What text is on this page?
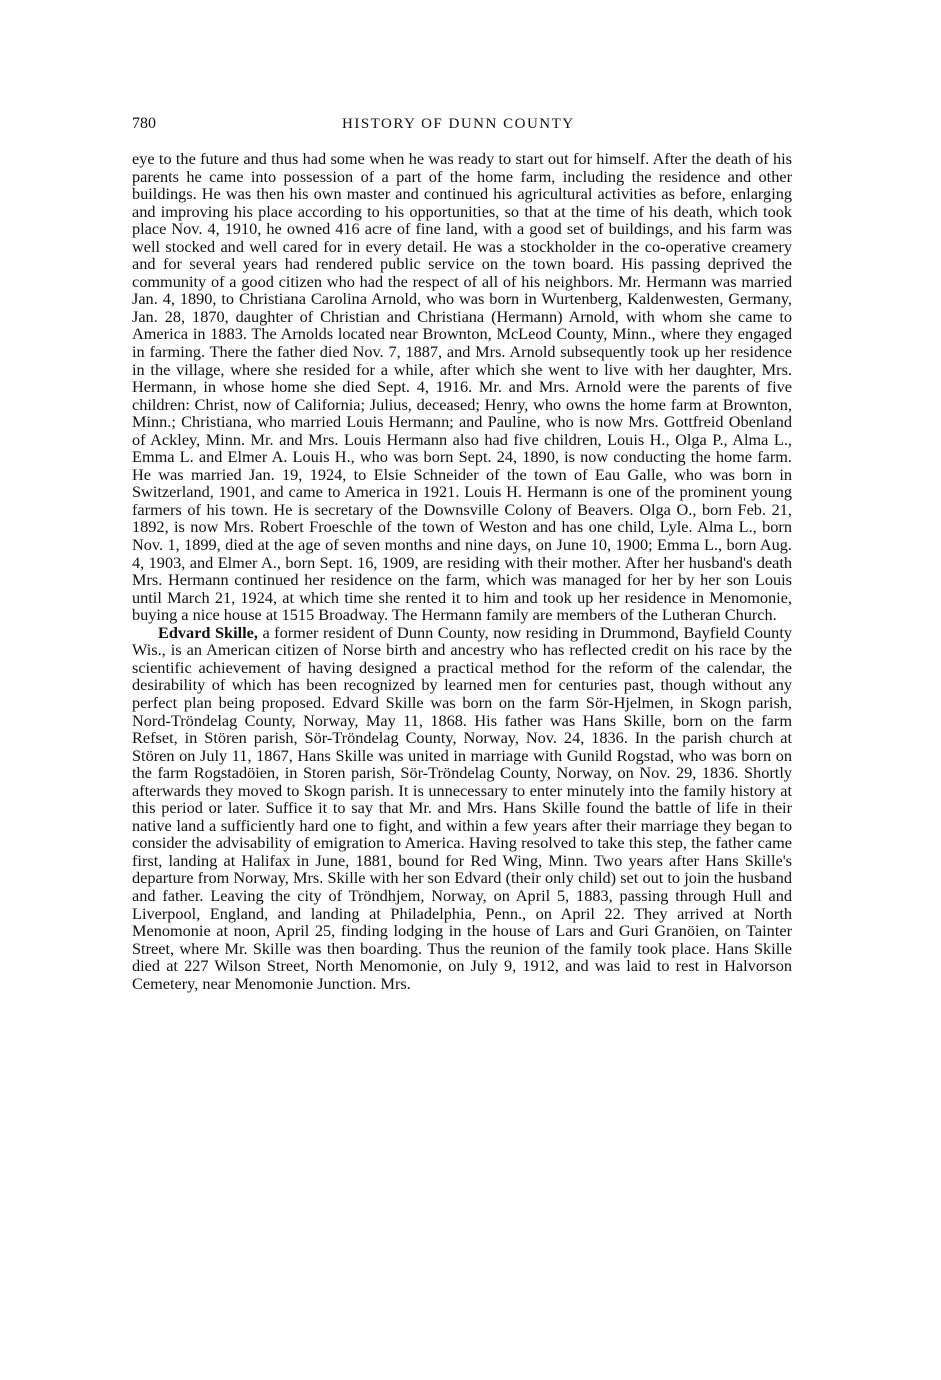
780	HISTORY OF DUNN COUNTY

eye to the future and thus had some when he was ready to start out for himself. After the death of his parents he came into possession of a part of the home farm, including the residence and other buildings. He was then his own master and continued his agricultural activities as before, enlarging and improving his place according to his opportunities, so that at the time of his death, which took place Nov. 4, 1910, he owned 416 acre of fine land, with a good set of buildings, and his farm was well stocked and well cared for in every detail. He was a stockholder in the co-operative creamery and for several years had rendered public service on the town board. His passing deprived the community of a good citizen who had the respect of all of his neighbors. Mr. Hermann was married Jan. 4, 1890, to Christiana Carolina Arnold, who was born in Wurtenberg, Kaldenwesten, Germany, Jan. 28, 1870, daughter of Christian and Christiana (Hermann) Arnold, with whom she came to America in 1883. The Arnolds located near Brownton, McLeod County, Minn., where they engaged in farming. There the father died Nov. 7, 1887, and Mrs. Arnold subsequently took up her residence in the village, where she resided for a while, after which she went to live with her daughter, Mrs. Hermann, in whose home she died Sept. 4, 1916. Mr. and Mrs. Arnold were the parents of five children: Christ, now of California; Julius, deceased; Henry, who owns the home farm at Brownton, Minn.; Christiana, who married Louis Hermann; and Pauline, who is now Mrs. Gottfreid Obenland of Ackley, Minn. Mr. and Mrs. Louis Hermann also had five children, Louis H., Olga P., Alma L., Emma L. and Elmer A. Louis H., who was born Sept. 24, 1890, is now conducting the home farm. He was married Jan. 19, 1924, to Elsie Schneider of the town of Eau Galle, who was born in Switzerland, 1901, and came to America in 1921. Louis H. Hermann is one of the prominent young farmers of his town. He is secretary of the Downsville Colony of Beavers. Olga O., born Feb. 21, 1892, is now Mrs. Robert Froeschle of the town of Weston and has one child, Lyle. Alma L., born Nov. 1, 1899, died at the age of seven months and nine days, on June 10, 1900; Emma L., born Aug. 4, 1903, and Elmer A., born Sept. 16, 1909, are residing with their mother. After her husband's death Mrs. Hermann continued her residence on the farm, which was managed for her by her son Louis until March 21, 1924, at which time she rented it to him and took up her residence in Menomonie, buying a nice house at 1515 Broadway. The Hermann family are members of the Lutheran Church.

Edvard Skille, a former resident of Dunn County, now residing in Drummond, Bayfield County Wis., is an American citizen of Norse birth and ancestry who has reflected credit on his race by the scientific achievement of having designed a practical method for the reform of the calendar, the desirability of which has been recognized by learned men for centuries past, though without any perfect plan being proposed. Edvard Skille was born on the farm Sör-Hjelmen, in Skogn parish, Nord-Tröndelag County, Norway, May 11, 1868. His father was Hans Skille, born on the farm Refset, in Stören parish, Sör-Tröndelag County, Norway, Nov. 24, 1836. In the parish church at Stören on July 11, 1867, Hans Skille was united in marriage with Gunild Rogstad, who was born on the farm Rogstadöien, in Storen parish, Sör-Tröndelag County, Norway, on Nov. 29, 1836. Shortly afterwards they moved to Skogn parish. It is unnecessary to enter minutely into the family history at this period or later. Suffice it to say that Mr. and Mrs. Hans Skille found the battle of life in their native land a sufficiently hard one to fight, and within a few years after their marriage they began to consider the advisability of emigration to America. Having resolved to take this step, the father came first, landing at Halifax in June, 1881, bound for Red Wing, Minn. Two years after Hans Skille's departure from Norway, Mrs. Skille with her son Edvard (their only child) set out to join the husband and father. Leaving the city of Tröndhjem, Norway, on April 5, 1883, passing through Hull and Liverpool, England, and landing at Philadelphia, Penn., on April 22. They arrived at North Menomonie at noon, April 25, finding lodging in the house of Lars and Guri Granöien, on Tainter Street, where Mr. Skille was then boarding. Thus the reunion of the family took place. Hans Skille died at 227 Wilson Street, North Menomonie, on July 9, 1912, and was laid to rest in Halvorson Cemetery, near Menomonie Junction. Mrs.
